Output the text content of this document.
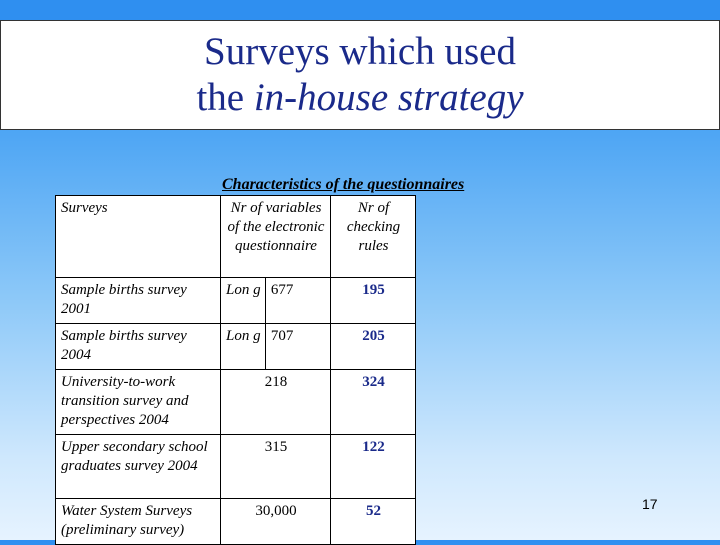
Surveys which used
the in-house strategy
Characteristics of the questionnaires
Surveys	Nr of variables of the electronic questionnaire		Nr of checking rules
Sample births survey 2001	Lon g	677	195
Sample births survey 2004	Lon g	707	205
University-to-work transition survey and perspectives 2004	218		324
Upper secondary school graduates survey 2004	315		122
Water System Surveys (preliminary survey)	30,000		52	17
